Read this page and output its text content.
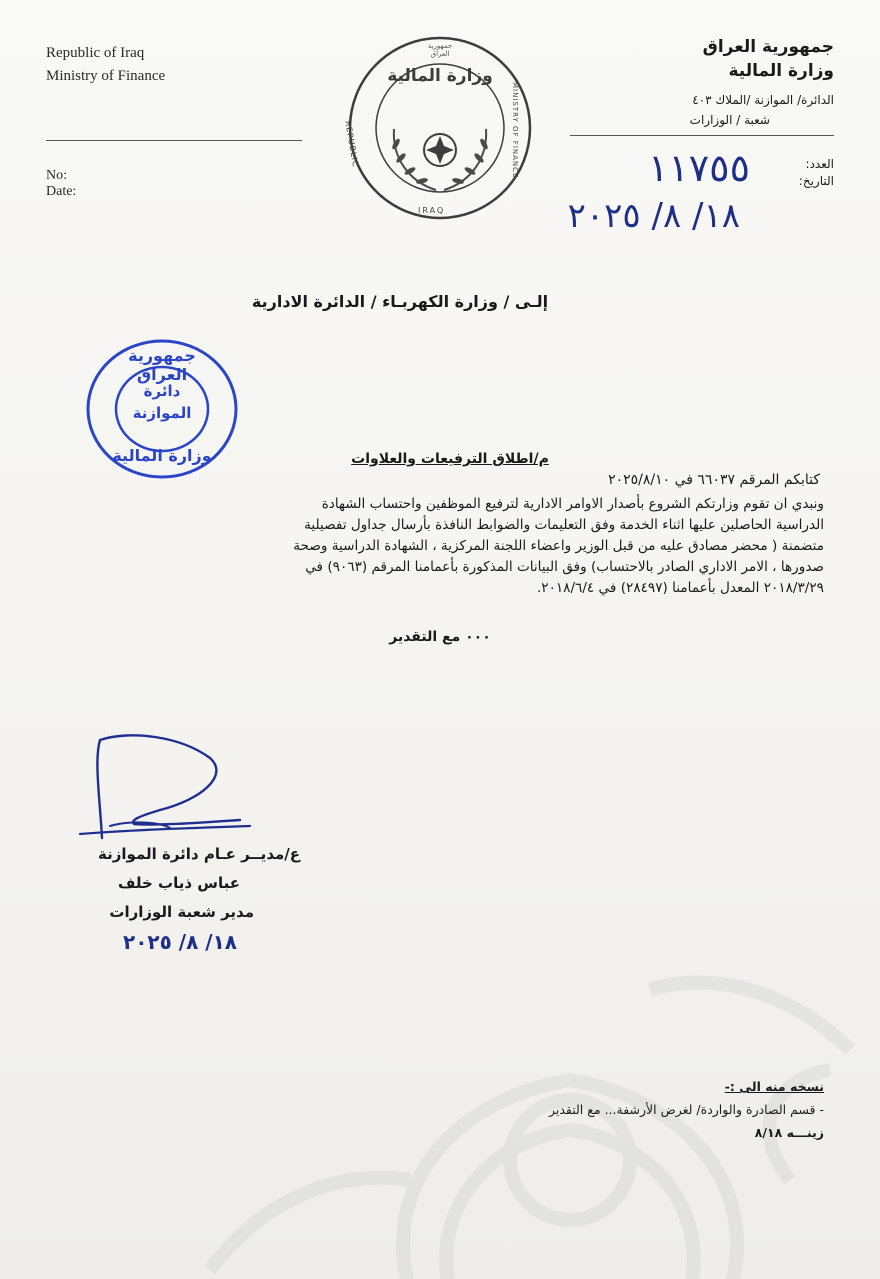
Republic of Iraq
Ministry of Finance
No:
Date:
جمهورية العراق
وزارة المالية
الدائرة/ الموازنة /الملاك ٤٠٣
شعبة / الوزارات
العدد:
التاريخ:
١١٧٥٥
١٨/ ٨/ ٢٠٢٥
وزارة المالية
جمهورية العراق
REPUBLIC
IRAQ
MINISTRY OF FINANCE
إلـى / وزارة الكهربـاء / الدائرة الادارية
جمهورية العراق
دائرة
الموازنة
وزارة المالية	م/اطلاق الترفيعات والعلاوات
كتابكم المرقم ٦٦٠٣٧ في ٢٠٢٥/٨/١٠
ونبدي ان تقوم وزارتكم الشروع بأصدار الاوامر الادارية لترفيع الموظفين واحتساب الشهادة
الدراسية الحاصلين عليها اثناء الخدمة وفق التعليمات والضوابط النافذة بأرسال جداول تفصيلية
متضمنة ( محضر مصادق عليه من قبل الوزير واعضاء اللجنة المركزية ، الشهادة الدراسية وصحة
صدورها ، الامر الاداري الصادر بالاحتساب) وفق البيانات المذكورة بأعمامنا المرقم (٩٠٦٣) في
٢٠١٨/٣/٢٩ المعدل بأعمامنا (٢٨٤٩٧) في ٢٠١٨/٦/٤.
٠٠٠ مع التقدير
ع/مديــر عـام دائرة الموازنة
عباس ذياب خلف
مدير شعبة الوزارات
١٨/ ٨/ ٢٠٢٥
نسخه منه الى :-
- قسم الصادرة والواردة/ لغرض الأرشفة... مع التقدير
زينـــه ٨/١٨
